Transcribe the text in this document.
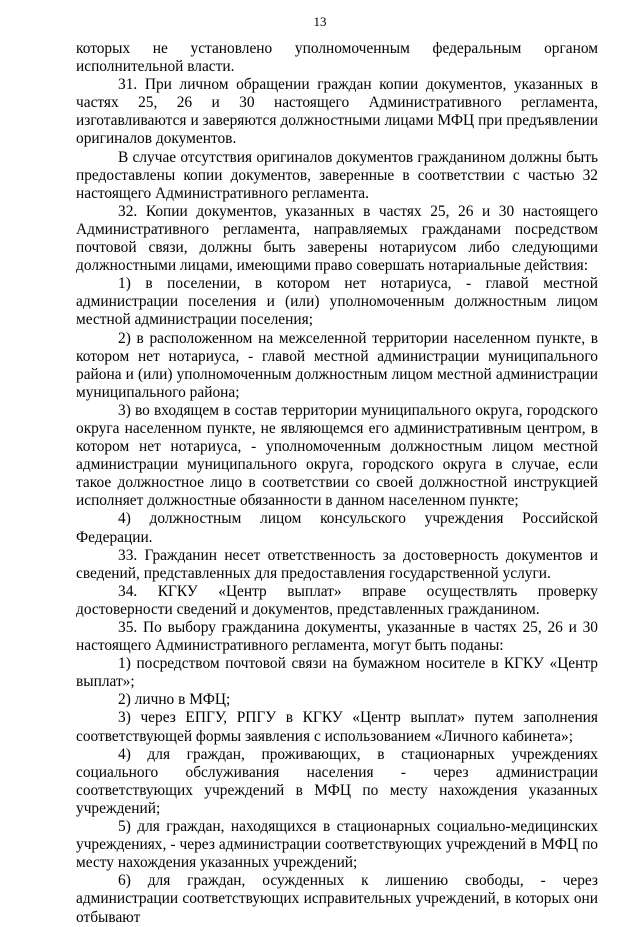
13

которых не установлено уполномоченным федеральным органом исполнительной власти.

31. При личном обращении граждан копии документов, указанных в частях 25, 26 и 30 настоящего Административного регламента, изготавливаются и заверяются должностными лицами МФЦ при предъявлении оригиналов документов.

В случае отсутствия оригиналов документов гражданином должны быть предоставлены копии документов, заверенные в соответствии с частью 32 настоящего Административного регламента.

32. Копии документов, указанных в частях 25, 26 и 30 настоящего Административного регламента, направляемых гражданами посредством почтовой связи, должны быть заверены нотариусом либо следующими должностными лицами, имеющими право совершать нотариальные действия:

1) в поселении, в котором нет нотариуса, - главой местной администрации поселения и (или) уполномоченным должностным лицом местной администрации поселения;

2) в расположенном на межселенной территории населенном пункте, в котором нет нотариуса, - главой местной администрации муниципального района и (или) уполномоченным должностным лицом местной администрации муниципального района;

3) во входящем в состав территории муниципального округа, городского округа населенном пункте, не являющемся его административным центром, в котором нет нотариуса, - уполномоченным должностным лицом местной администрации муниципального округа, городского округа в случае, если такое должностное лицо в соответствии со своей должностной инструкцией исполняет должностные обязанности в данном населенном пункте;

4) должностным лицом консульского учреждения Российской Федерации.

33. Гражданин несет ответственность за достоверность документов и сведений, представленных для предоставления государственной услуги.

34. КГКУ «Центр выплат» вправе осуществлять проверку достоверности сведений и документов, представленных гражданином.

35. По выбору гражданина документы, указанные в частях 25, 26 и 30 настоящего Административного регламента, могут быть поданы:

1) посредством почтовой связи на бумажном носителе в КГКУ «Центр выплат»;

2) лично в МФЦ;

3) через ЕПГУ, РПГУ в КГКУ «Центр выплат» путем заполнения соответствующей формы заявления с использованием «Личного кабинета»;

4) для граждан, проживающих, в стационарных учреждениях социального обслуживания населения - через администрации соответствующих учреждений в МФЦ по месту нахождения указанных учреждений;

5) для граждан, находящихся в стационарных социально-медицинских учреждениях, - через администрации соответствующих учреждений в МФЦ по месту нахождения указанных учреждений;

6) для граждан, осужденных к лишению свободы, - через администрации соответствующих исправительных учреждений, в которых они отбывают
